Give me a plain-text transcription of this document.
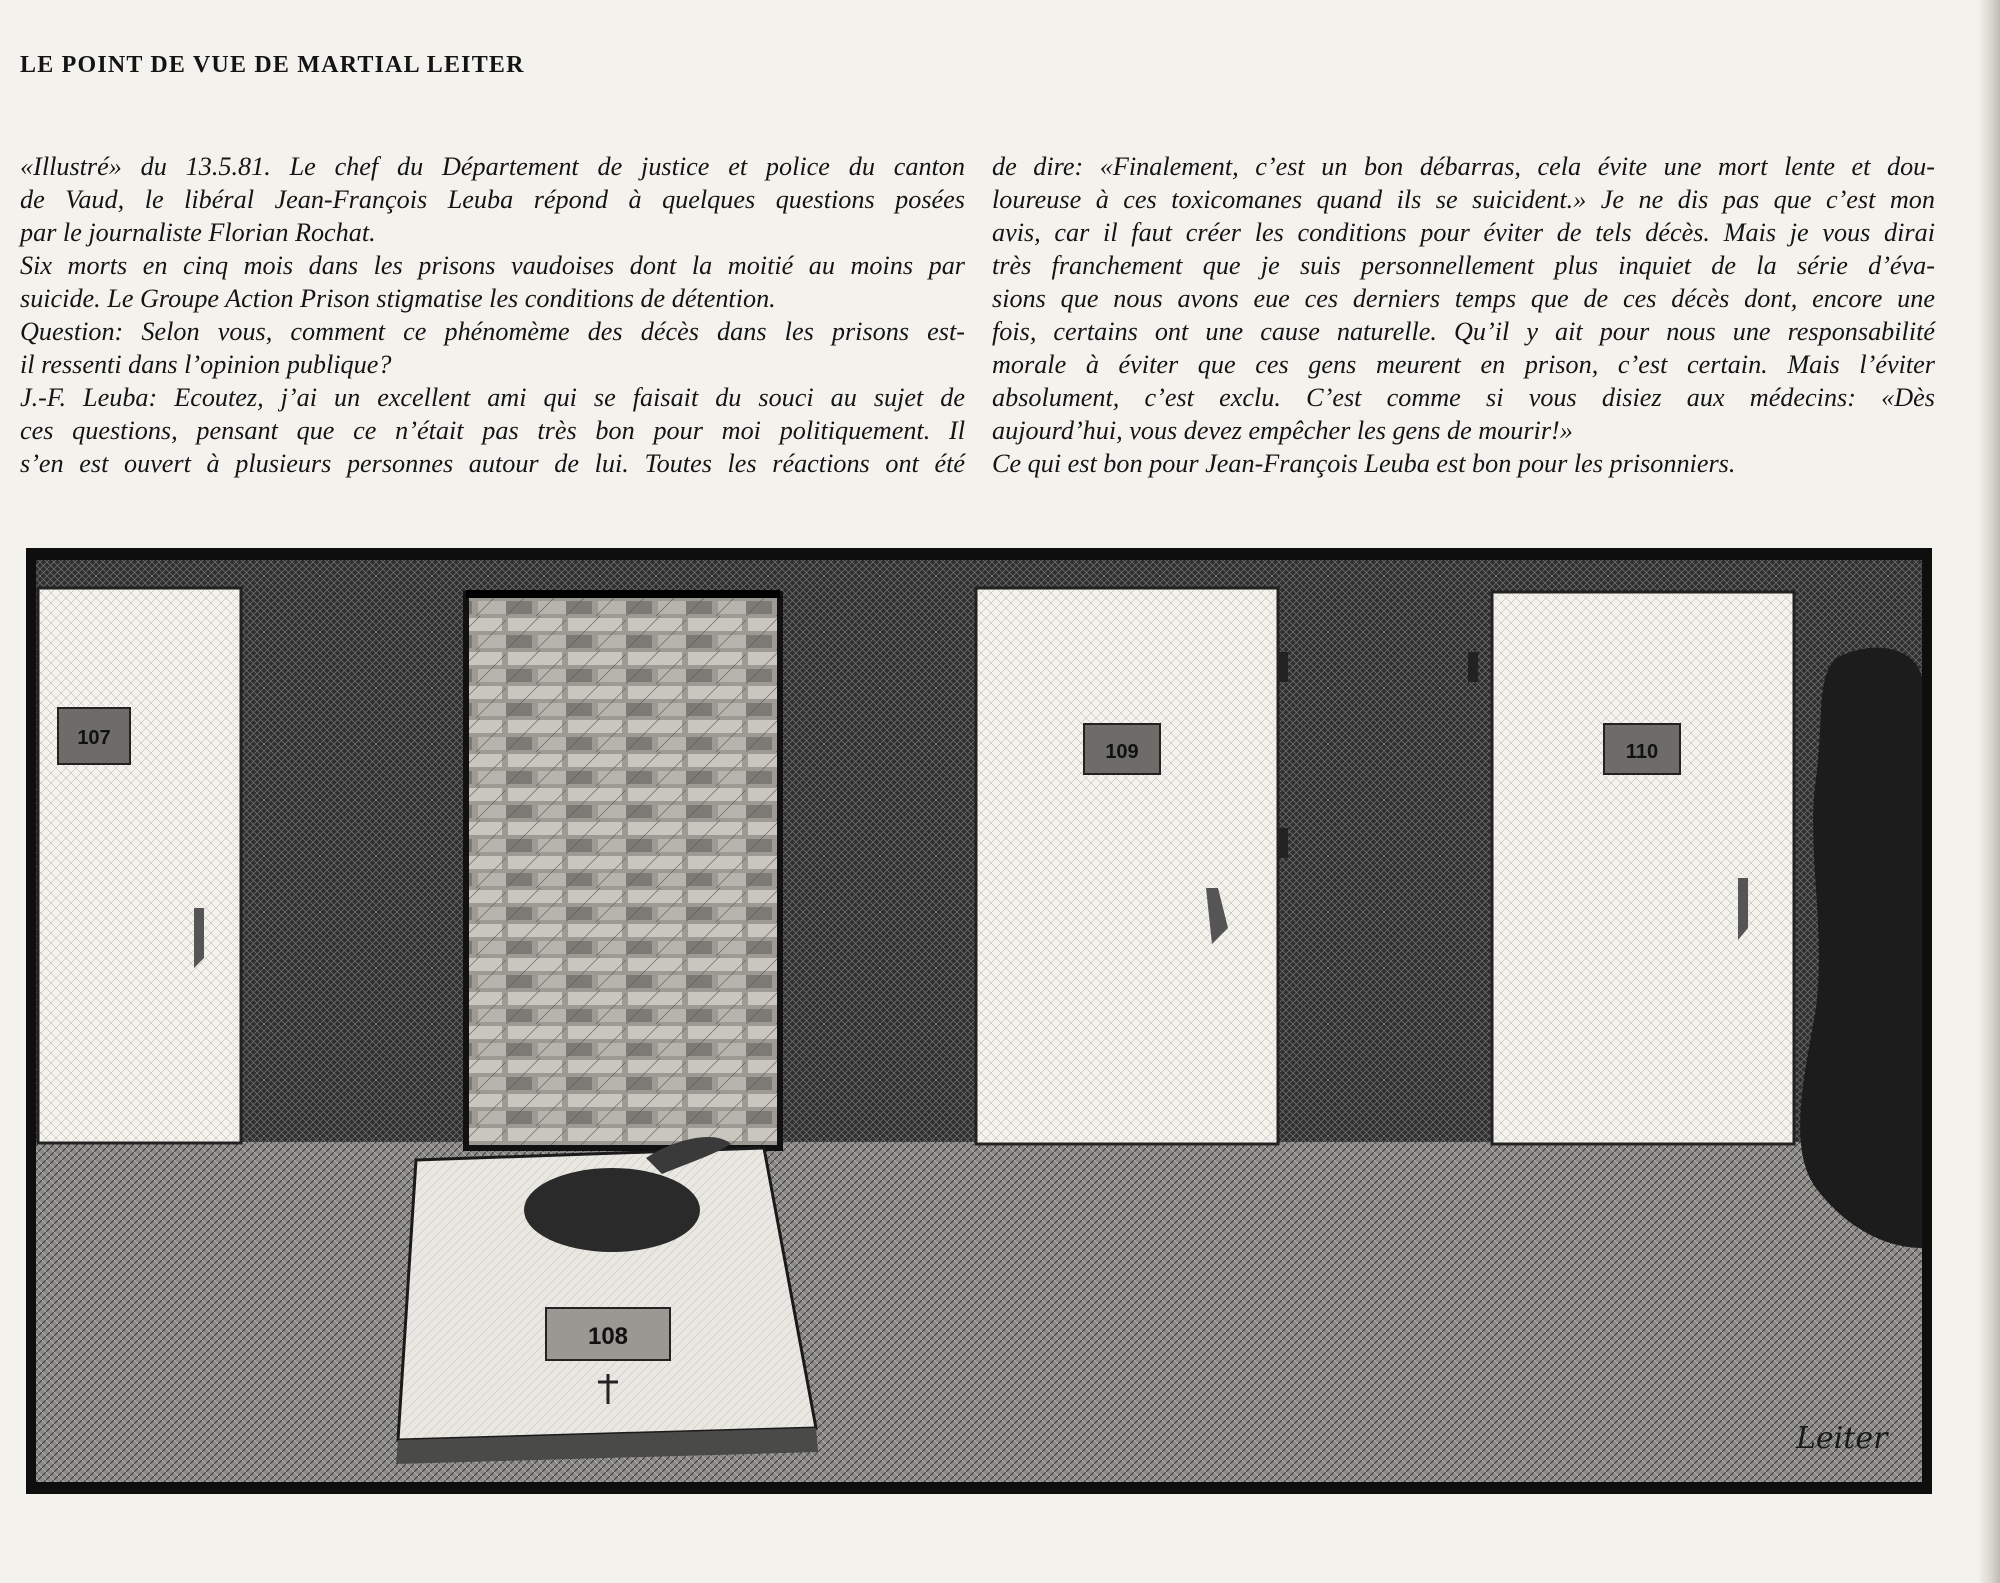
LE POINT DE VUE DE MARTIAL LEITER
«Illustré» du 13.5.81. Le chef du Département de justice et police du canton
de Vaud, le libéral Jean-François Leuba répond à quelques questions posées
par le journaliste Florian Rochat.
Six morts en cinq mois dans les prisons vaudoises dont la moitié au moins par
suicide. Le Groupe Action Prison stigmatise les conditions de détention.
Question: Selon vous, comment ce phénomème des décès dans les prisons est-
il ressenti dans l’opinion publique?
J.-F. Leuba: Ecoutez, j’ai un excellent ami qui se faisait du souci au sujet de
ces questions, pensant que ce n’était pas très bon pour moi politiquement. Il
s’en est ouvert à plusieurs personnes autour de lui. Toutes les réactions ont été
de dire: «Finalement, c’est un bon débarras, cela évite une mort lente et dou-
loureuse à ces toxicomanes quand ils se suicident.» Je ne dis pas que c’est mon
avis, car il faut créer les conditions pour éviter de tels décès. Mais je vous dirai
très franchement que je suis personnellement plus inquiet de la série d’éva-
sions que nous avons eue ces derniers temps que de ces décès dont, encore une
fois, certains ont une cause naturelle. Qu’il y ait pour nous une responsabilité
morale à éviter que ces gens meurent en prison, c’est certain. Mais l’éviter
absolument, c’est exclu. C’est comme si vous disiez aux médecins: «Dès
aujourd’hui, vous devez empêcher les gens de mourir!»
Ce qui est bon pour Jean-François Leuba est bon pour les prisonniers.
107
109	110
108
Leiter
